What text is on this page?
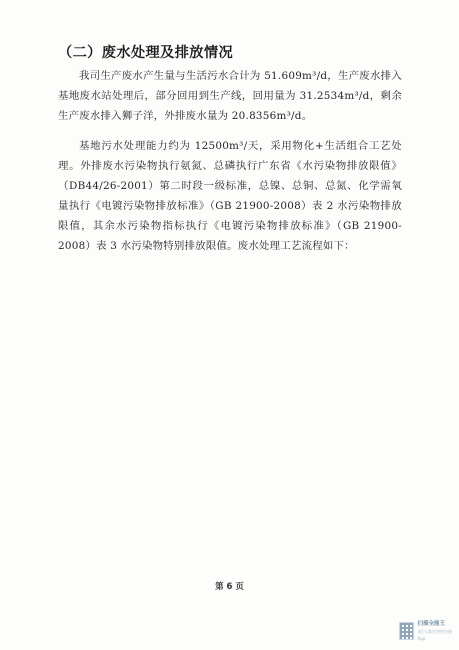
（二）废水处理及排放情况
我司生产废水产生量与生活污水合计为 51.609m³/d，生产废水排入基地废水站处理后，部分回用到生产线，回用量为 31.2534m³/d，剩余生产废水排入狮子洋，外排废水量为 20.8356m³/d。
基地污水处理能力约为 12500m³/天，采用物化+生活组合工艺处理。外排废水污染物执行氨氮、总磷执行广东省《水污染物排放限值》（DB44/26-2001）第二时段一级标准，总镍、总铜、总氮、化学需氧量执行《电镀污染物排放标准》（GB 21900-2008）表 2 水污染物排放限值，其余水污染物指标执行《电镀污染物排放标准》（GB 21900-2008）表 3 水污染物特别排放限值。废水处理工艺流程如下：
第 6 页
扫描全能王
3亿人都在用的扫描App
